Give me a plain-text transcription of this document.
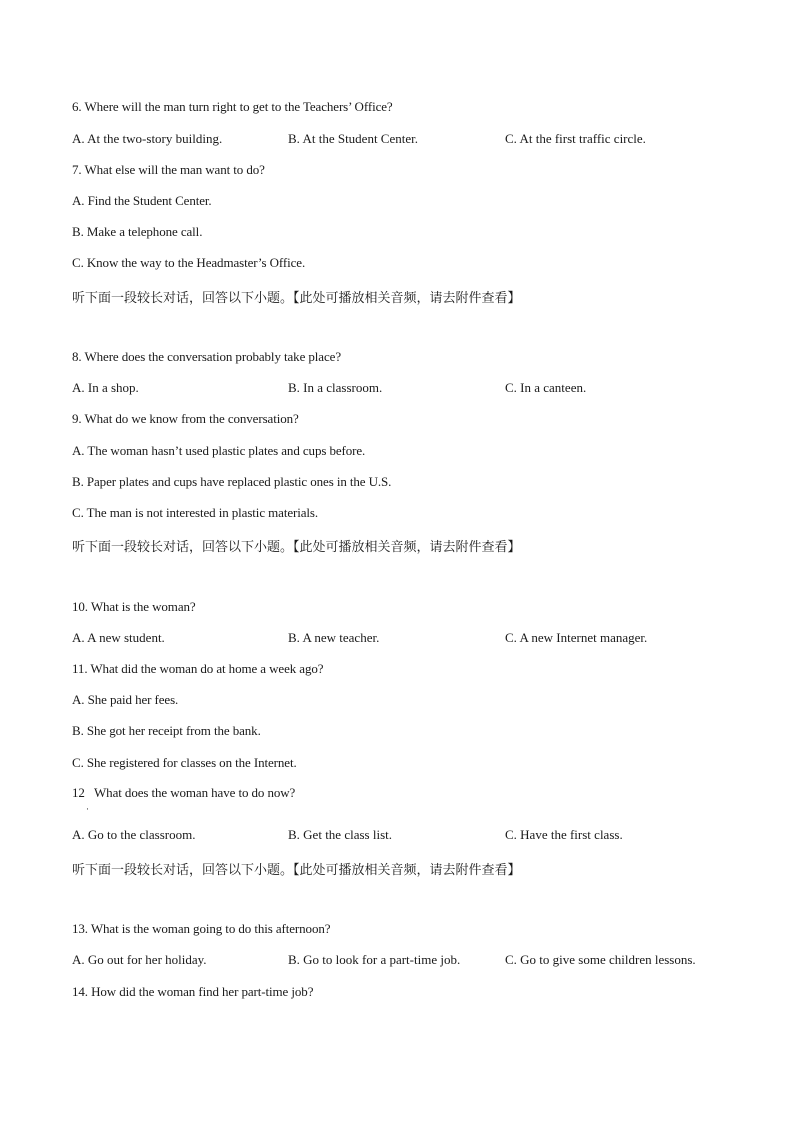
6. Where will the man turn right to get to the Teachers’ Office?
A. At the two-story building.	B. At the Student Center.	C. At the first traffic circle.
7. What else will the man want to do?
A. Find the Student Center.
B. Make a telephone call.
C. Know the way to the Headmaster’s Office.
听下面一段较长对话，回答以下小题。【此处可播放相关音频，请去附件查看】
8. Where does the conversation probably take place?
A. In a shop.	B. In a classroom.	C. In a canteen.
9. What do we know from the conversation?
A. The woman hasn’t used plastic plates and cups before.
B. Paper plates and cups have replaced plastic ones in the U.S.
C. The man is not interested in plastic materials.
听下面一段较长对话，回答以下小题。【此处可播放相关音频，请去附件查看】
10. What is the woman?
A. A new student.	B. A new teacher.	C. A new Internet manager.
11. What did the woman do at home a week ago?
A. She paid her fees.
B. She got her receipt from the bank.
C. She registered for classes on the Internet.
12   What does the woman have to do now?
·
A. Go to the classroom.	B. Get the class list.	C. Have the first class.
听下面一段较长对话，回答以下小题。【此处可播放相关音频，请去附件查看】
13. What is the woman going to do this afternoon?
A. Go out for her holiday.	B. Go to look for a part-time job.	C. Go to give some children lessons.
14. How did the woman find her part-time job?
